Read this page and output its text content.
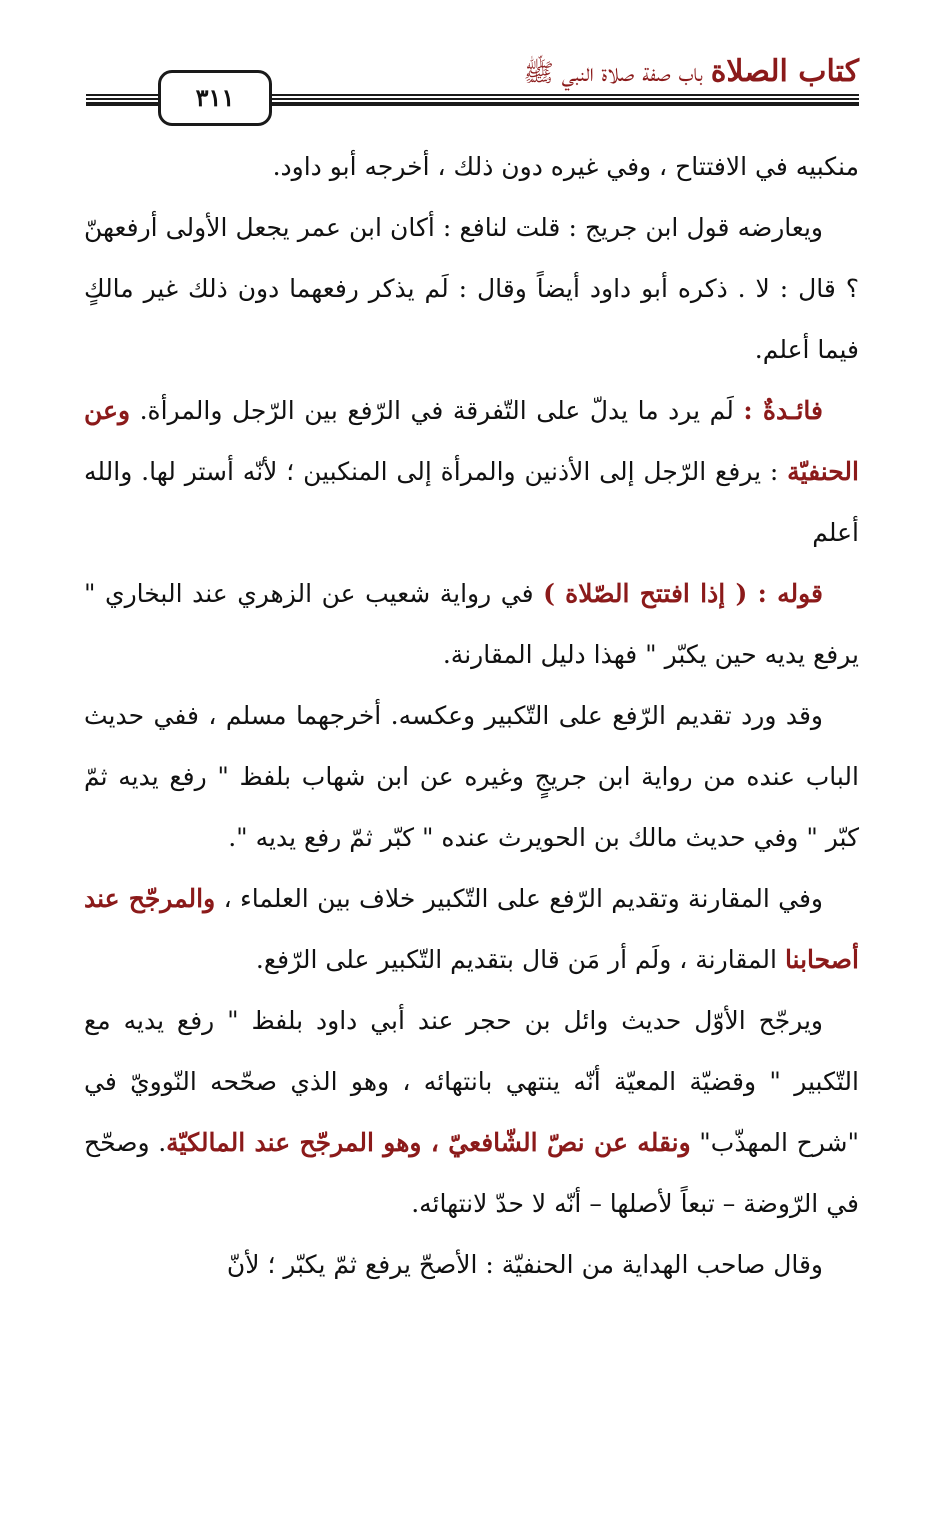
كتاب الصلاة باب صفة صلاة النبي ﷺ
٣١١

منكبيه في الافتتاح ، وفي غيره دون ذلك ، أخرجه أبو داود.

ويعارضه قول ابن جريج : قلت لنافع : أكان ابن عمر يجعل الأولى أرفعهنّ ؟ قال : لا . ذكره أبو داود أيضاً وقال : لَم يذكر رفعهما دون ذلك غير مالكٍ فيما أعلم.

فائـدةٌ : لَم يرد ما يدلّ على التّفرقة في الرّفع بين الرّجل والمرأة. وعن الحنفيّة : يرفع الرّجل إلى الأذنين والمرأة إلى المنكبين ؛ لأنّه أستر لها. والله أعلم

قوله : ( إذا افتتح الصّلاة ) في رواية شعيب عن الزهري عند البخاري " يرفع يديه حين يكبّر " فهذا دليل المقارنة.

وقد ورد تقديم الرّفع على التّكبير وعكسه. أخرجهما مسلم ، ففي حديث الباب عنده من رواية ابن جريجٍ وغيره عن ابن شهاب بلفظ " رفع يديه ثمّ كبّر " وفي حديث مالك بن الحويرث عنده " كبّر ثمّ رفع يديه ".

وفي المقارنة وتقديم الرّفع على التّكبير خلاف بين العلماء ، والمرجّح عند أصحابنا المقارنة ، ولَم أر مَن قال بتقديم التّكبير على الرّفع.

ويرجّح الأوّل حديث وائل بن حجر عند أبي داود بلفظ " رفع يديه مع التّكبير " وقضيّة المعيّة أنّه ينتهي بانتهائه ، وهو الذي صحّحه النّوويّ في "شرح المهذّب" ونقله عن نصّ الشّافعيّ ، وهو المرجّح عند المالكيّة. وصحّح في الرّوضة – تبعاً لأصلها – أنّه لا حدّ لانتهائه.

وقال صاحب الهداية من الحنفيّة : الأصحّ يرفع ثمّ يكبّر ؛ لأنّ
